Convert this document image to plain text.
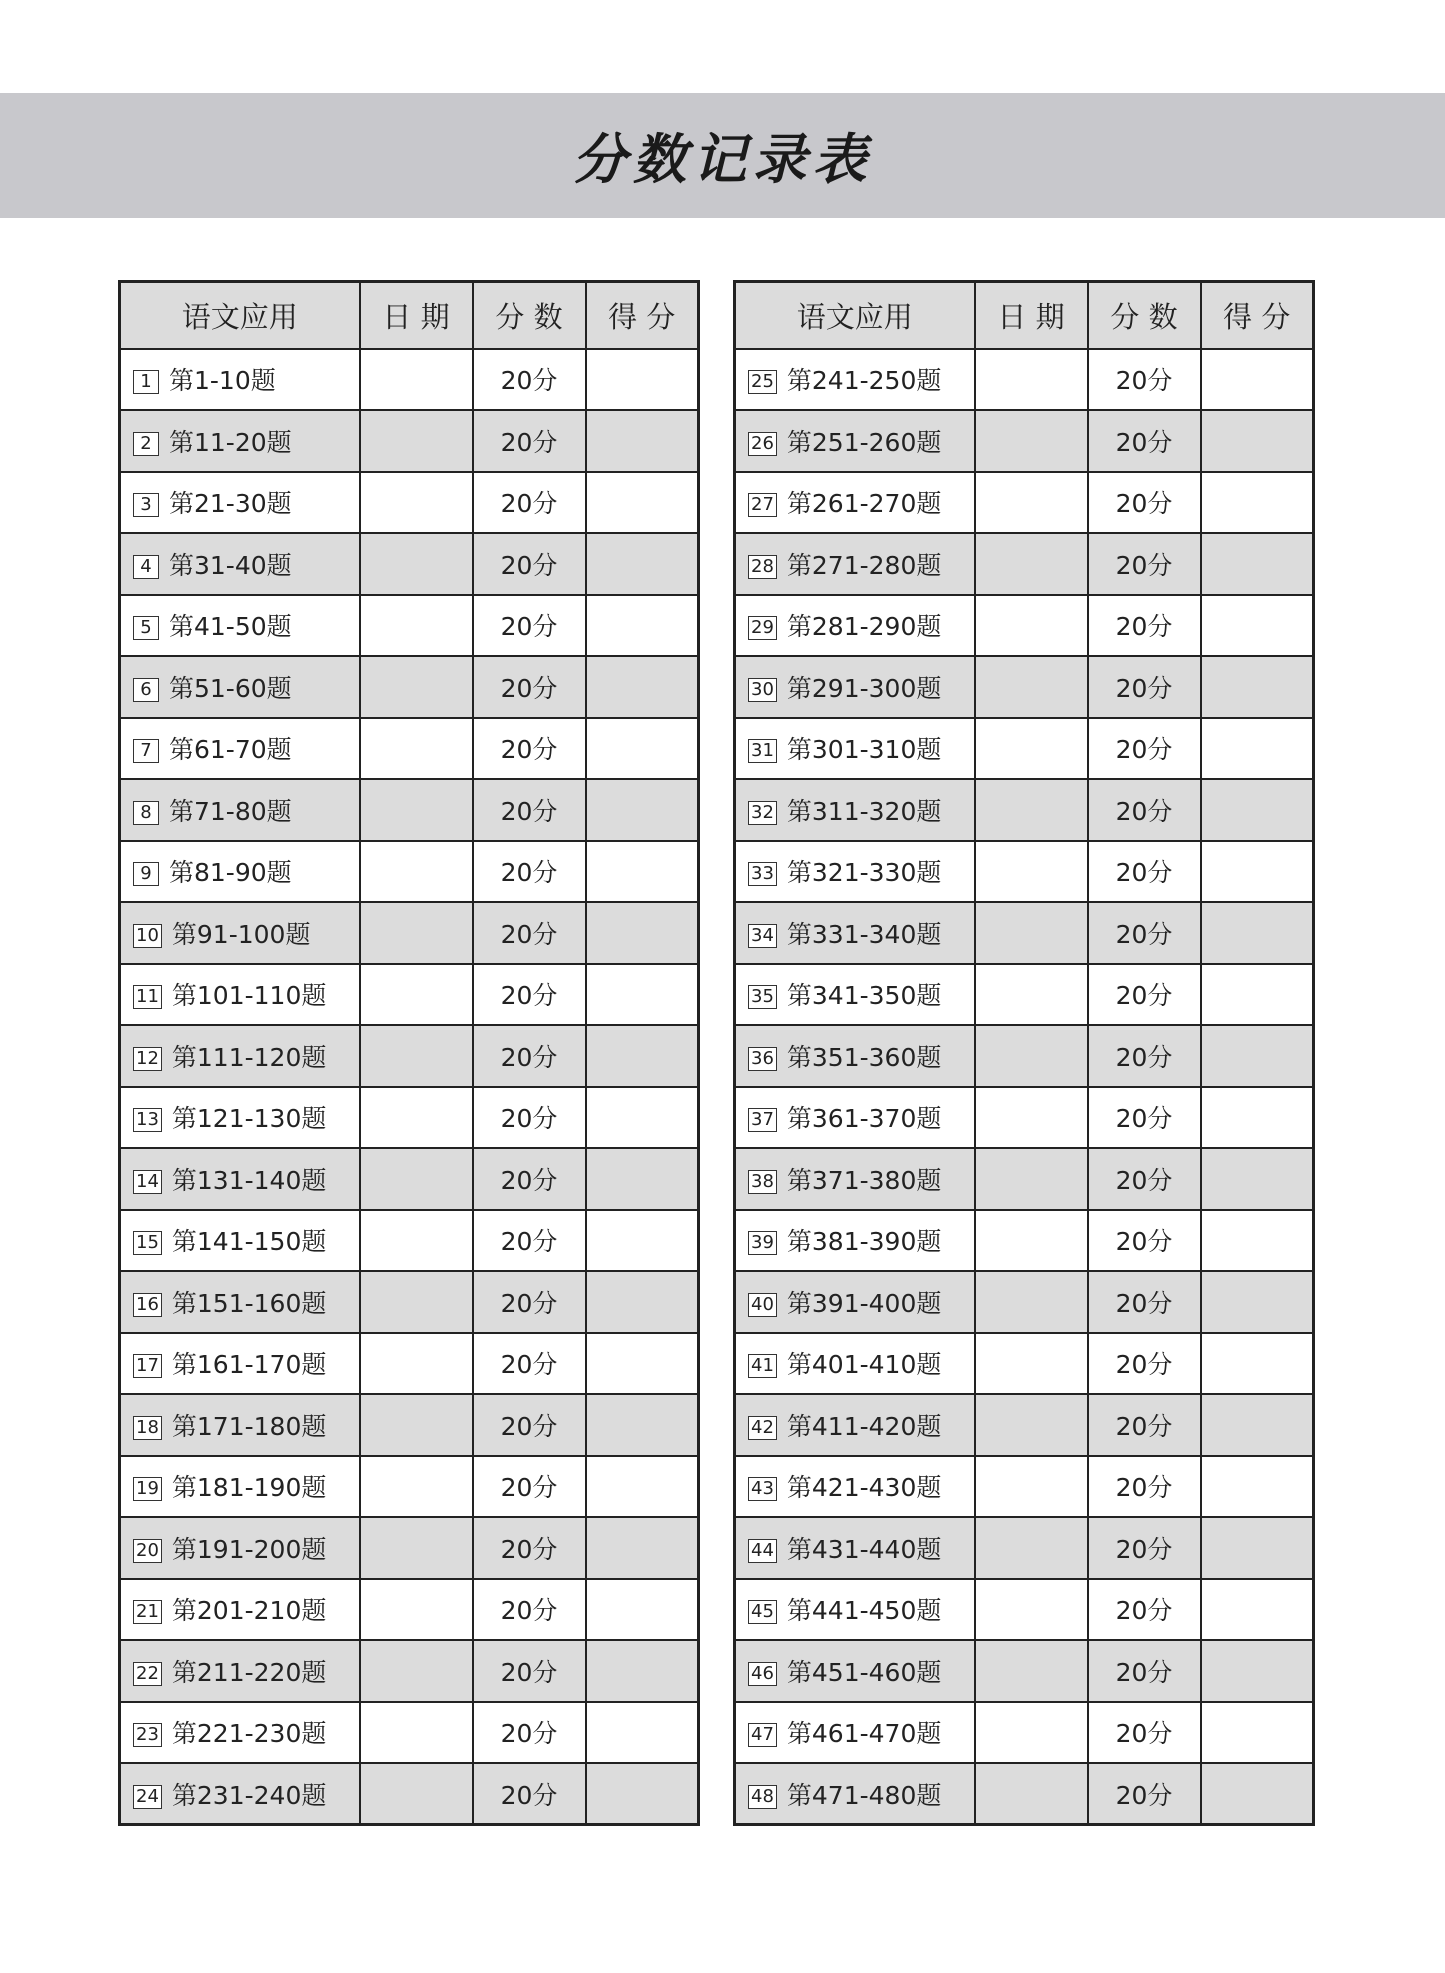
分数记录表
语文应用	日 期	分 数	得 分
1 第1-10题		20分	
2 第11-20题		20分	
3 第21-30题		20分	
4 第31-40题		20分	
5 第41-50题		20分	
6 第51-60题		20分	
7 第61-70题		20分	
8 第71-80题		20分	
9 第81-90题		20分	
10 第91-100题		20分	
11 第101-110题		20分	
12 第111-120题		20分	
13 第121-130题		20分	
14 第131-140题		20分	
15 第141-150题		20分	
16 第151-160题		20分	
17 第161-170题		20分	
18 第171-180题		20分	
19 第181-190题		20分	
20 第191-200题		20分	
21 第201-210题		20分	
22 第211-220题		20分	
23 第221-230题		20分	
24 第231-240题		20分	
语文应用	日 期	分 数	得 分
25 第241-250题		20分	
26 第251-260题		20分	
27 第261-270题		20分	
28 第271-280题		20分	
29 第281-290题		20分	
30 第291-300题		20分	
31 第301-310题		20分	
32 第311-320题		20分	
33 第321-330题		20分	
34 第331-340题		20分	
35 第341-350题		20分	
36 第351-360题		20分	
37 第361-370题		20分	
38 第371-380题		20分	
39 第381-390题		20分	
40 第391-400题		20分	
41 第401-410题		20分	
42 第411-420题		20分	
43 第421-430题		20分	
44 第431-440题		20分	
45 第441-450题		20分	
46 第451-460题		20分	
47 第461-470题		20分	
48 第471-480题		20分	
